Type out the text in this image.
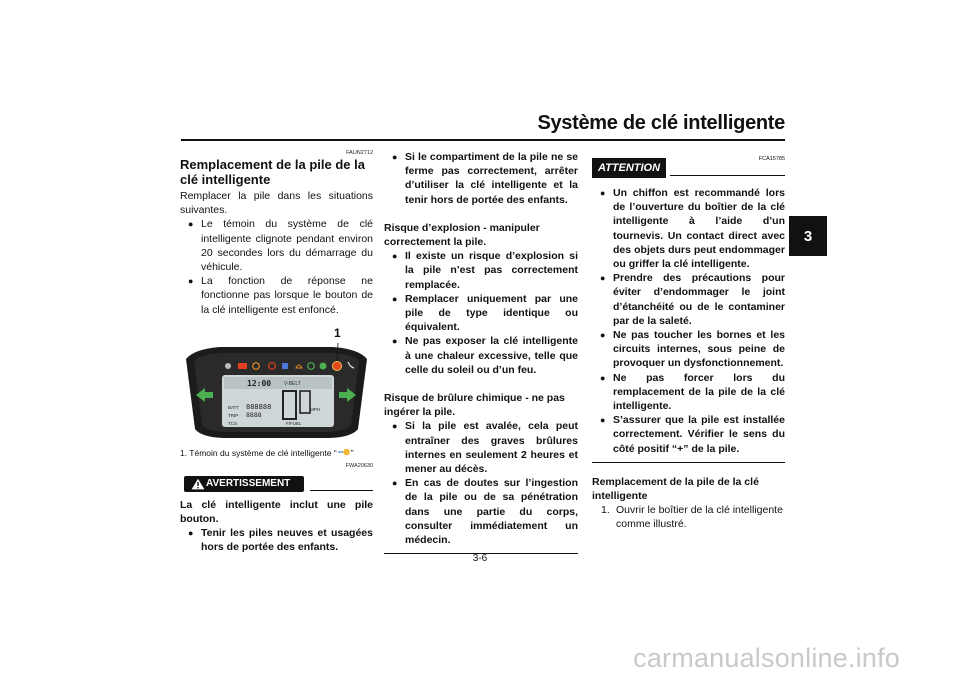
Système de clé intelligente
3
FAUN2712
Remplacement de la pile de la clé intelligente

Remplacer la pile dans les situations suivantes.

● Le témoin du système de clé intelligente clignote pendant environ 20 secondes lors du démarrage du véhicule.
● La fonction de réponse ne fonctionne pas lorsque le bouton de la clé intelligente est enfoncé.
1
12:00	V-BELT
MPH
BATT 888888
TRIP 8888
TCS	F/FUEL
1. Témoin du système de clé intelligente “ ”
FWA20630
AVERTISSEMENT

La clé intelligente inclut une pile bouton.

● Tenir les piles neuves et usagées hors de portée des enfants.
● Si le compartiment de la pile ne se ferme pas correctement, arrêter d’utiliser la clé intelligente et la tenir hors de portée des enfants.

Risque d’explosion - manipuler correctement la pile.

● Il existe un risque d’explosion si la pile n’est pas correctement remplacée.
● Remplacer uniquement par une pile de type identique ou équivalent.
● Ne pas exposer la clé intelligente à une chaleur excessive, telle que celle du soleil ou d’un feu.

Risque de brûlure chimique - ne pas ingérer la pile.

● Si la pile est avalée, cela peut entraîner des graves brûlures internes en seulement 2 heures et mener au décès.
● En cas de doutes sur l’ingestion de la pile ou de sa pénétration dans une partie du corps, consulter immédiatement un médecin.
FCA15785
ATTENTION
● Un chiffon est recommandé lors de l’ouverture du boîtier de la clé intelligente à l’aide d’un tournevis. Un contact direct avec des objets durs peut endommager ou griffer la clé intelligente.
● Prendre des précautions pour éviter d’endommager le joint d’étanchéité ou de le contaminer par de la saleté.
● Ne pas toucher les bornes et les circuits internes, sous peine de provoquer un dysfonctionnement.
● Ne pas forcer lors du remplacement de la pile de la clé intelligente.
● S’assurer que la pile est installée correctement. Vérifier le sens du côté positif “+” de la pile.

Remplacement de la pile de la clé intelligente

1. Ouvrir le boîtier de la clé intelligente comme illustré.
3-6
carmanualsonline.info
